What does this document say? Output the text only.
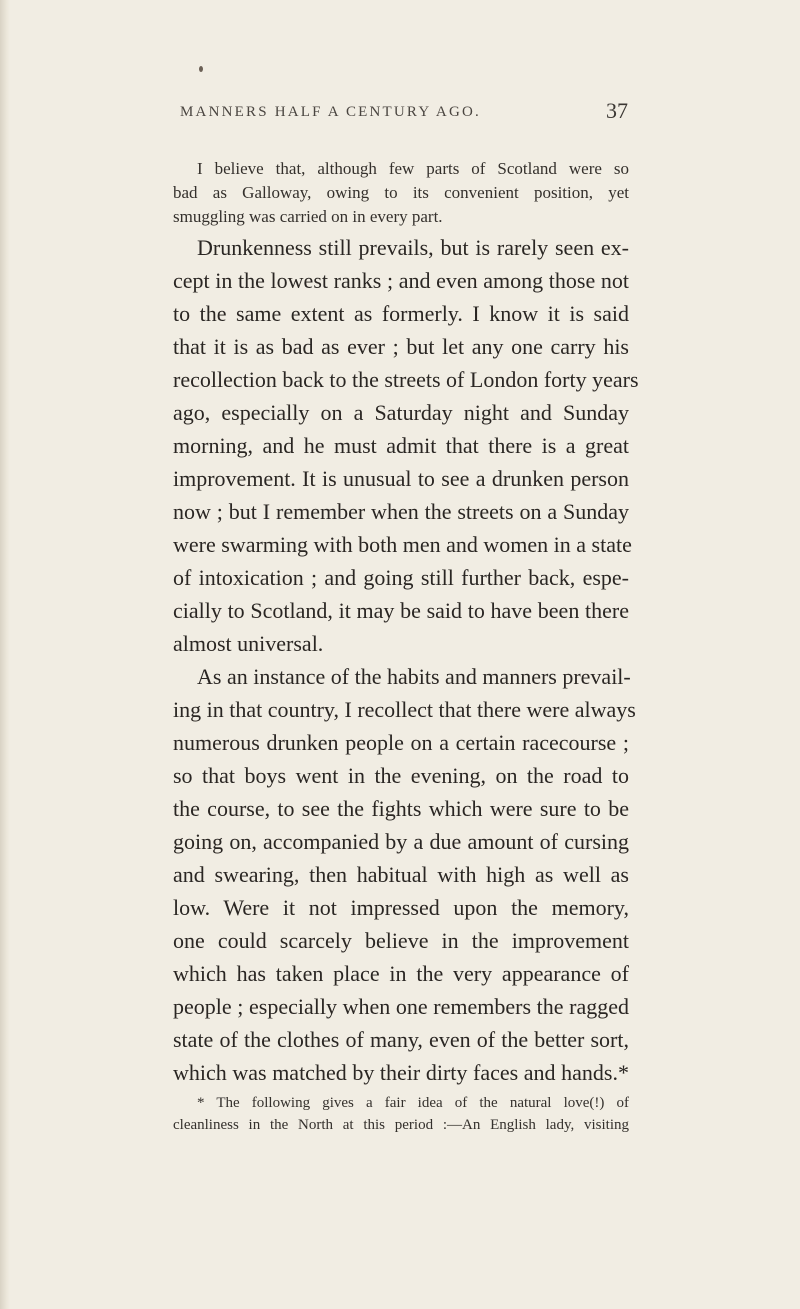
MANNERS HALF A CENTURY AGO.	37
I believe that, although few parts of Scotland were so
bad as Galloway, owing to its convenient position, yet
smuggling was carried on in every part.
Drunkenness still prevails, but is rarely seen ex-
cept in the lowest ranks ; and even among those not
to the same extent as formerly. I know it is said
that it is as bad as ever ; but let any one carry his
recollection back to the streets of London forty years
ago, especially on a Saturday night and Sunday
morning, and he must admit that there is a great
improvement. It is unusual to see a drunken person
now ; but I remember when the streets on a Sunday
were swarming with both men and women in a state
of intoxication ; and going still further back, espe-
cially to Scotland, it may be said to have been there
almost universal.
As an instance of the habits and manners prevail-
ing in that country, I recollect that there were always
numerous drunken people on a certain racecourse ;
so that boys went in the evening, on the road to
the course, to see the fights which were sure to be
going on, accompanied by a due amount of cursing
and swearing, then habitual with high as well as
low. Were it not impressed upon the memory,
one could scarcely believe in the improvement
which has taken place in the very appearance of
people ; especially when one remembers the ragged
state of the clothes of many, even of the better sort,
which was matched by their dirty faces and hands.*
* The following gives a fair idea of the natural love(!) of
cleanliness in the North at this period :—An English lady, visiting
